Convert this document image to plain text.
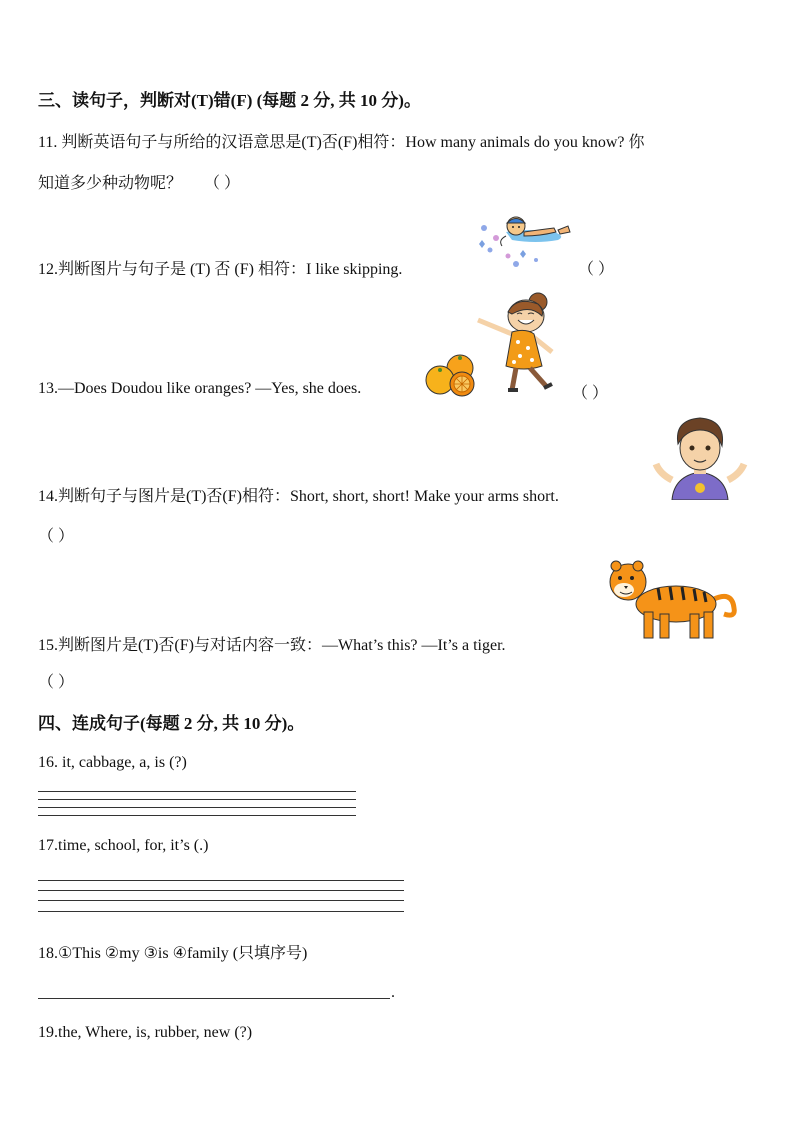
三、读句子，判断对(T)错(F) (每题 2 分, 共 10 分)。
11. 判断英语句子与所给的汉语意思是(T)否(F)相符：How many animals do you know? 你
知道多少种动物呢？ （ ）
12.判断图片与句子是 (T) 否 (F) 相符：I like skipping.	（ ）
13.—Does Doudou like oranges? —Yes, she does.	（ ）
14.判断句子与图片是(T)否(F)相符：Short, short, short! Make your arms short.
（ ）
15.判断图片是(T)否(F)与对话内容一致：—What’s this? —It’s a tiger.
（ ）
四、连成句子(每题 2 分, 共 10 分)。
16. it, cabbage, a, is (?)
17.time, school, for, it’s (.)
18.①This ②my ③is ④family (只填序号)
.
19.the, Where, is, rubber, new (?)
